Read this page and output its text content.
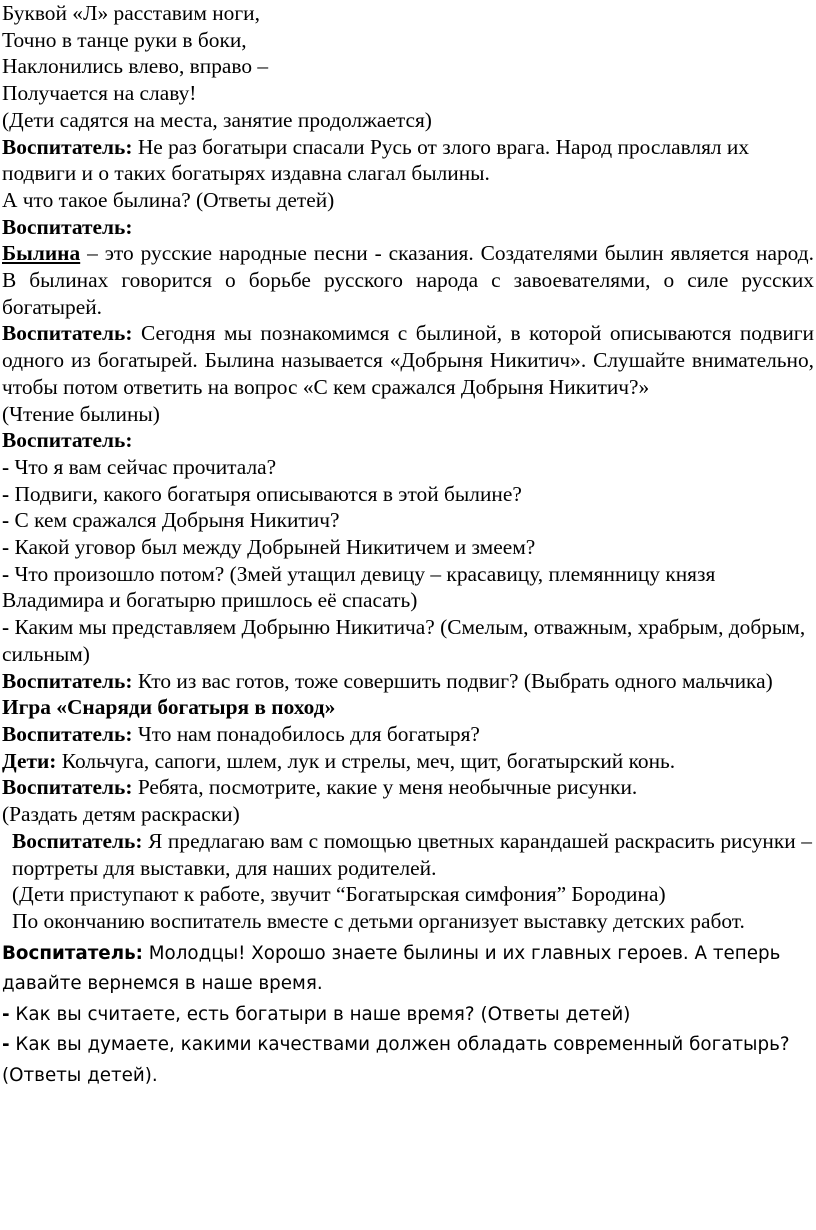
Буквой «Л» расставим ноги,

Точно в танце руки в боки,

Наклонились влево, вправо –

Получается на славу!

(Дети садятся на места, занятие продолжается)

Воспитатель: Не раз богатыри спасали Русь от злого врага. Народ прославлял их подвиги и о таких богатырях издавна слагал былины.

А что такое былина? (Ответы детей)

Воспитатель:

Былина – это русские народные песни - сказания. Создателями былин является народ. В былинах говорится о борьбе русского народа с завоевателями, о силе русских богатырей.

Воспитатель: Сегодня мы познакомимся с былиной, в которой описываются подвиги одного из богатырей. Былина называется «Добрыня Никитич». Слушайте внимательно, чтобы потом ответить на вопрос «С кем сражался Добрыня Никитич?»

(Чтение былины)

Воспитатель:

- Что я вам сейчас прочитала?

- Подвиги, какого богатыря описываются в этой былине?

- С кем сражался Добрыня Никитич?

- Какой уговор был между Добрыней Никитичем и змеем?

- Что произошло потом? (Змей утащил девицу – красавицу, племянницу князя Владимира и богатырю пришлось её спасать)

- Каким мы представляем Добрыню Никитича? (Смелым, отважным, храбрым, добрым, сильным)

Воспитатель: Кто из вас готов, тоже совершить подвиг? (Выбрать одного мальчика)

Игра «Снаряди богатыря в поход»

Воспитатель: Что нам понадобилось для богатыря?

Дети: Кольчуга, сапоги, шлем, лук и стрелы, меч, щит, богатырский конь.

Воспитатель: Ребята, посмотрите, какие у меня необычные рисунки.

(Раздать детям раскраски)

Воспитатель: Я предлагаю вам с помощью цветных карандашей раскрасить рисунки – портреты для выставки, для наших родителей.

(Дети приступают к работе, звучит “Богатырская симфония” Бородина)

По окончанию воспитатель вместе с детьми организует выставку детских работ.

Воспитатель: Молодцы! Хорошо знаете былины и их главных героев. А теперь давайте вернемся в наше время.

- Как вы считаете, есть богатыри в наше время? (Ответы детей)

- Как вы думаете, какими качествами должен обладать современный богатырь? (Ответы детей).
